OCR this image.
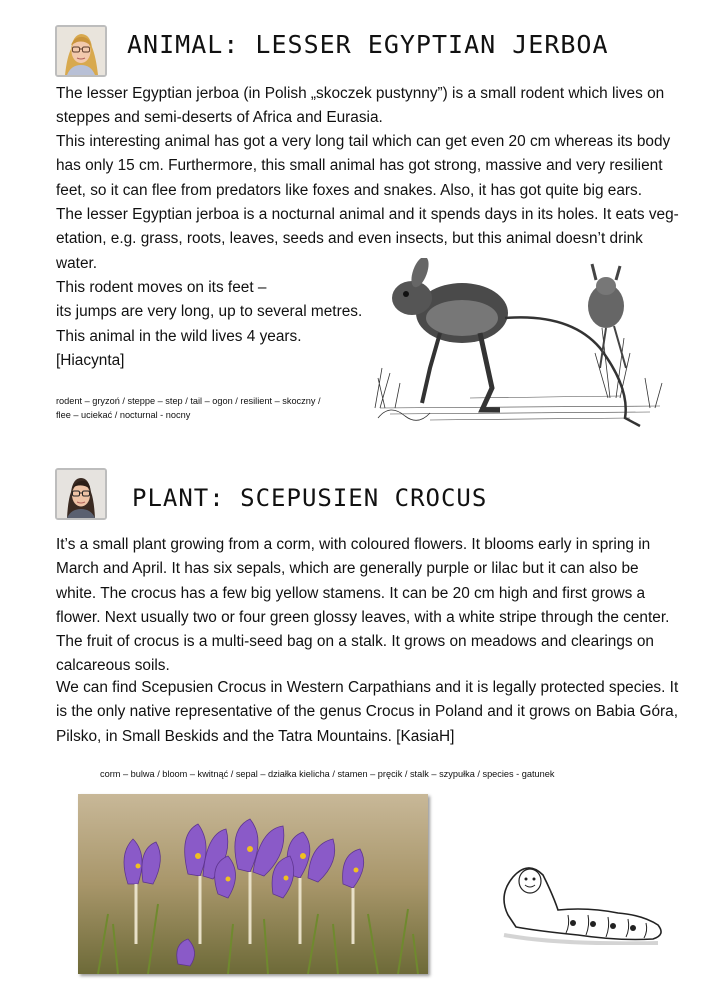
ANIMAL: LESSER EGYPTIAN JERBOA

The lesser Egyptian jerboa (in Polish „skoczek pustynny”) is a small rodent which lives on steppes and semi-deserts of Africa and Eurasia.

This interesting animal has got a very long tail which can get even 20 cm whereas its body has only 15 cm. Furthermore, this small animal has got strong, massive and very resilient feet, so it can flee from predators like foxes and snakes. Also, it has got quite big ears.

The lesser Egyptian jerboa is a nocturnal animal and it spends days in its holes. It eats veg-etation, e.g. grass, roots, leaves, seeds and even insects, but this animal doesn’t drink water.

This rodent moves on its feet –

its jumps are very long, up to several metres.

This animal in the wild lives 4 years.

[Hiacynta]

rodent – gryzoń / steppe – step / tail – ogon / resilient – skoczny /

flee – uciekać / nocturnal - nocny

PLANT: SCEPUSIEN CROCUS

It’s a small plant growing from a corm, with coloured flowers. It blooms early in spring in March and April. It has six sepals, which are generally purple or lilac but it can also be white. The crocus has a few big yellow stamens. It can be 20 cm high and first grows a flower. Next usually two or four green glossy leaves, with a white stripe through the center. The fruit of crocus is a multi-seed bag on a stalk. It grows on meadows and clearings on calcareous soils.

We can find Scepusien Crocus in Western Carpathians and it is legally protected species. It is the only native representative of the genus Crocus in Poland and it grows on Babia Góra, Pilsko, in Small Beskids and the Tatra Mountains. [KasiaH]

corm – bulwa / bloom – kwitnąć / sepal – działka kielicha / stamen – pręcik / stalk – szypułka / species - gatunek
